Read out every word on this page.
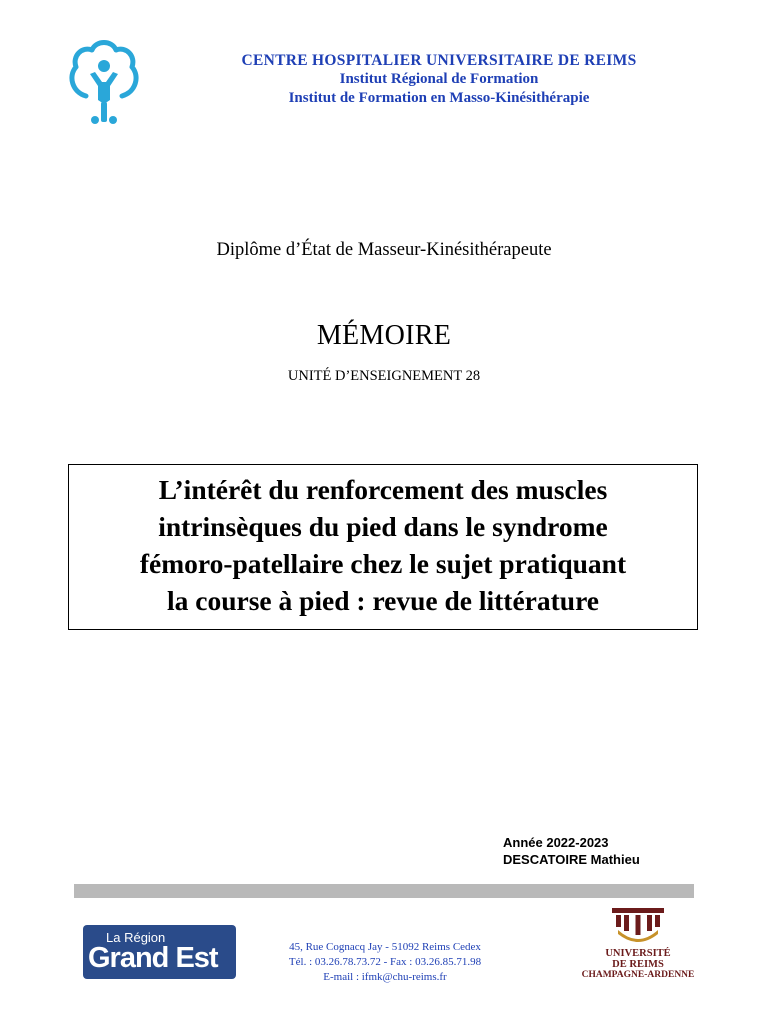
CENTRE HOSPITALIER UNIVERSITAIRE DE REIMS
Institut Régional de Formation
Institut de Formation en Masso-Kinésithérapie
Diplôme d’État de Masseur-Kinésithérapeute
MÉMOIRE
UNITÉ D’ENSEIGNEMENT 28
L’intérêt du renforcement des muscles
intrinsèques du pied dans le syndrome
fémoro-patellaire chez le sujet pratiquant
la course à pied : revue de littérature
Année 2022-2023
DESCATOIRE Mathieu
La Région
Grand Est	45, Rue Cognacq Jay - 51092 Reims Cedex
Tél. : 03.26.78.73.72 - Fax : 03.26.85.71.98
E-mail : ifmk@chu-reims.fr
UNIVERSITÉ
DE REIMS
CHAMPAGNE-ARDENNE
